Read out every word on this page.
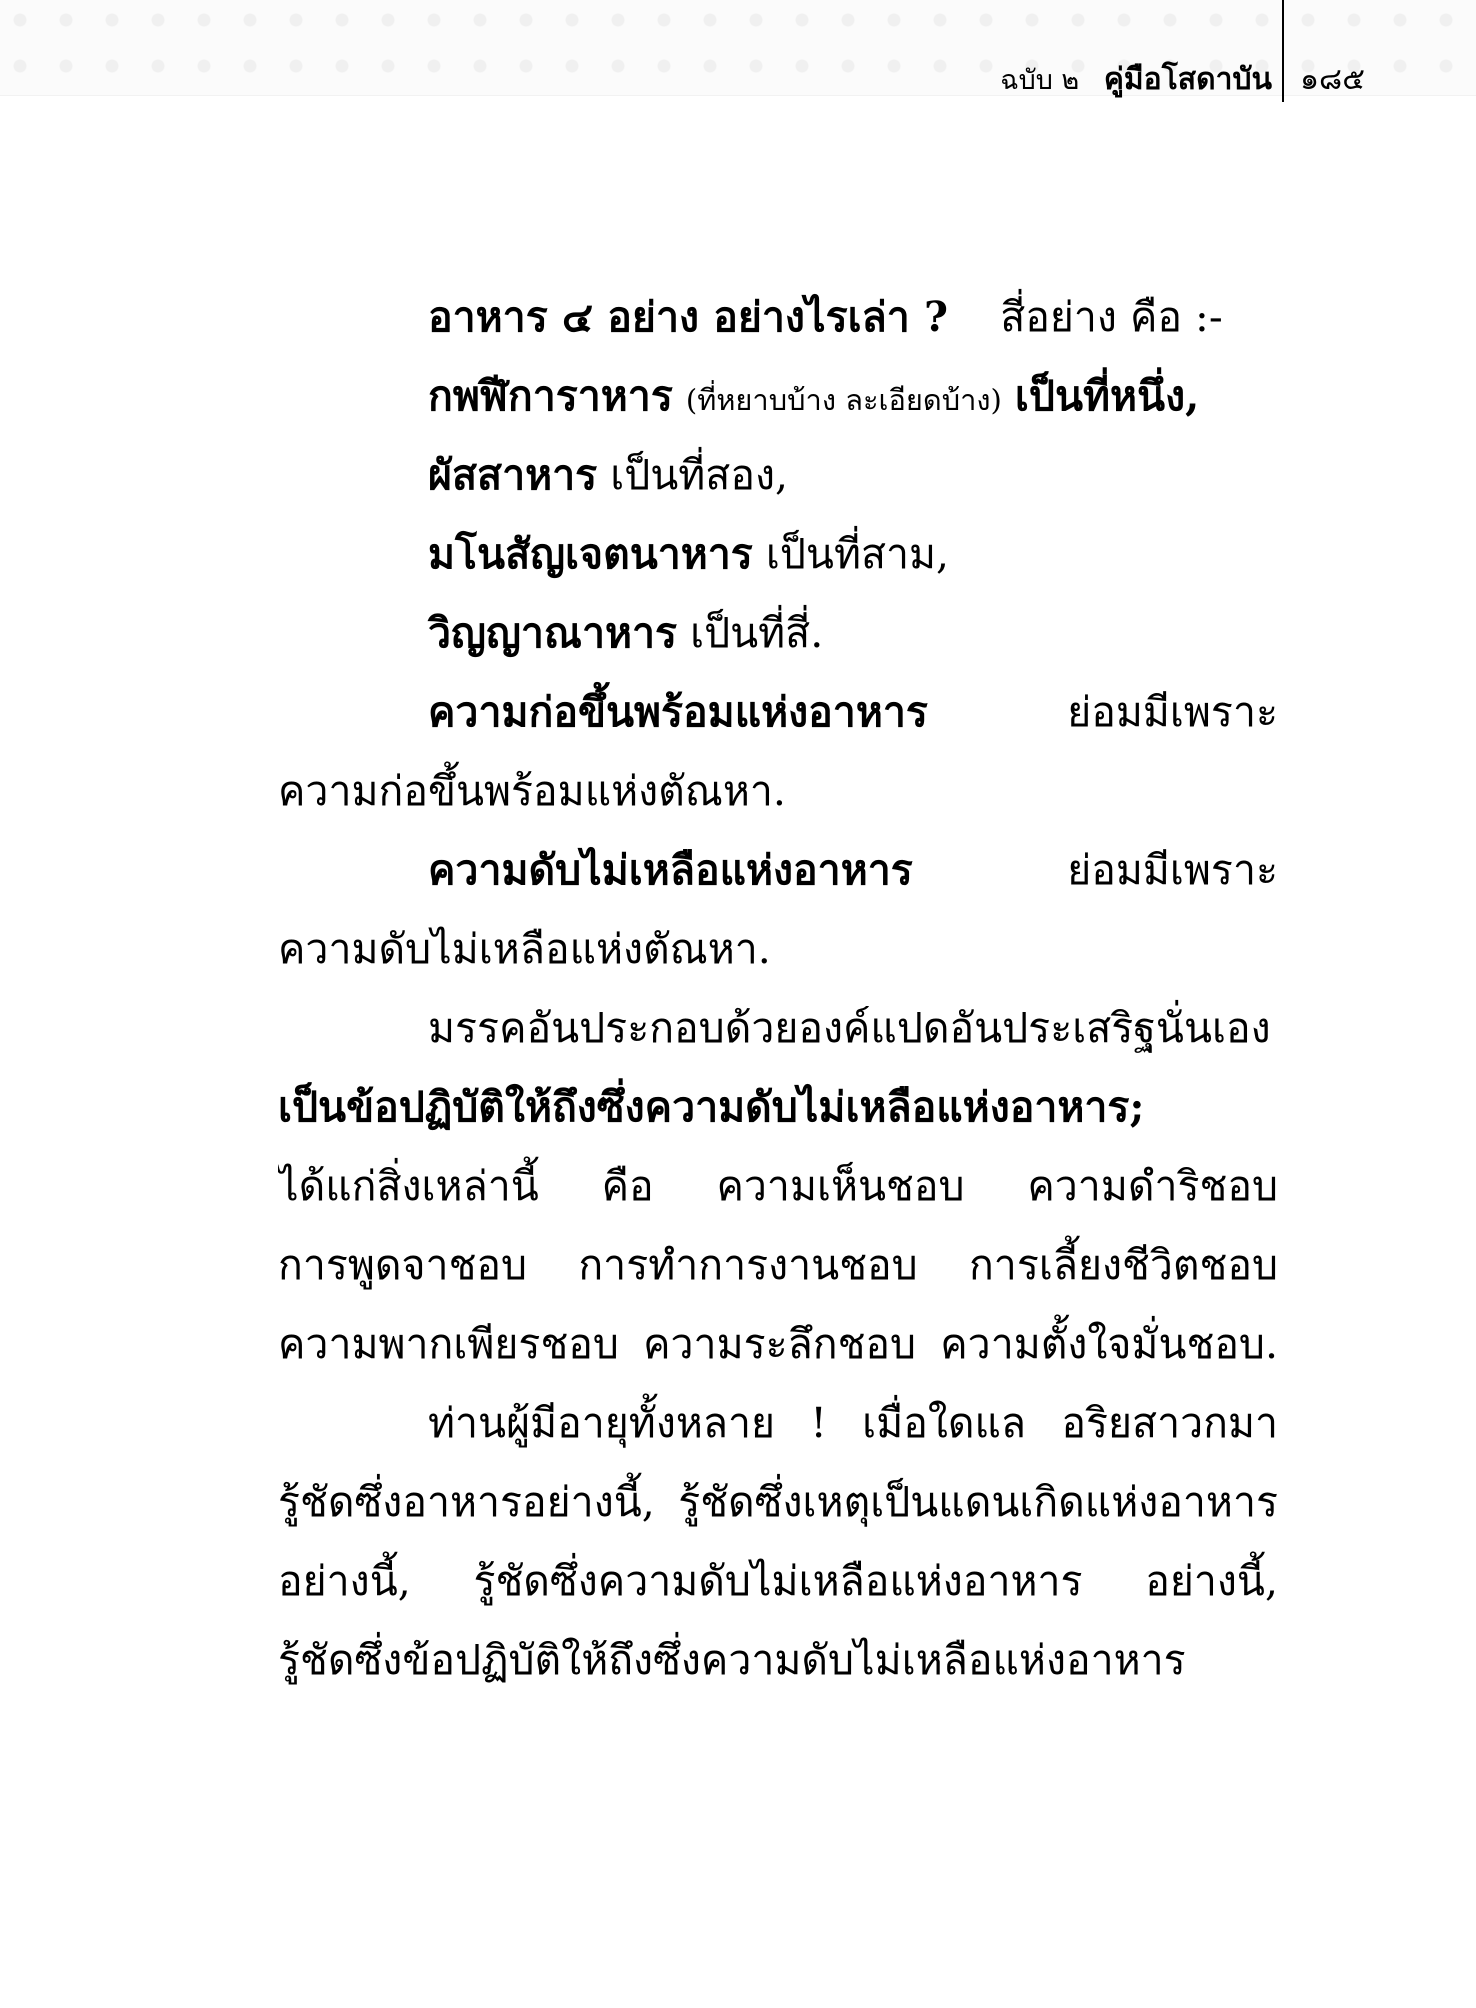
ฉบับ ๒ คู่มือโสดาบัน ๑๘๕
อาหาร ๔ อย่าง อย่างไรเล่า ? สี่อย่าง คือ :-
กพฬีการาหาร (ที่หยาบบ้าง ละเอียดบ้าง) เป็นที่หนึ่ง,
ผัสสาหาร เป็นที่สอง,
มโนสัญเจตนาหาร เป็นที่สาม,
วิญญาณาหาร เป็นที่สี่.
ความก่อขึ้นพร้อมแห่งอาหาร	ย่อมมีเพราะ
ความก่อขึ้นพร้อมแห่งตัณหา.
ความดับไม่เหลือแห่งอาหาร	ย่อมมีเพราะ
ความดับไม่เหลือแห่งตัณหา.
มรรคอันประกอบด้วยองค์แปดอันประเสริฐนั่นเอง
เป็นข้อปฏิบัติให้ถึงซึ่งความดับไม่เหลือแห่งอาหาร;
ได้แก่สิ่งเหล่านี้ คือ ความเห็นชอบ ความดำริชอบ
การพูดจาชอบ การทำการงานชอบ การเลี้ยงชีวิตชอบ
ความพากเพียรชอบ ความระลึกชอบ ความตั้งใจมั่นชอบ.
ท่านผู้มีอายุทั้งหลาย ! เมื่อใดแล อริยสาวกมา
รู้ชัดซึ่งอาหารอย่างนี้, รู้ชัดซึ่งเหตุเป็นแดนเกิดแห่งอาหาร
อย่างนี้, รู้ชัดซึ่งความดับไม่เหลือแห่งอาหาร อย่างนี้,
รู้ชัดซึ่งข้อปฏิบัติให้ถึงซึ่งความดับไม่เหลือแห่งอาหาร
